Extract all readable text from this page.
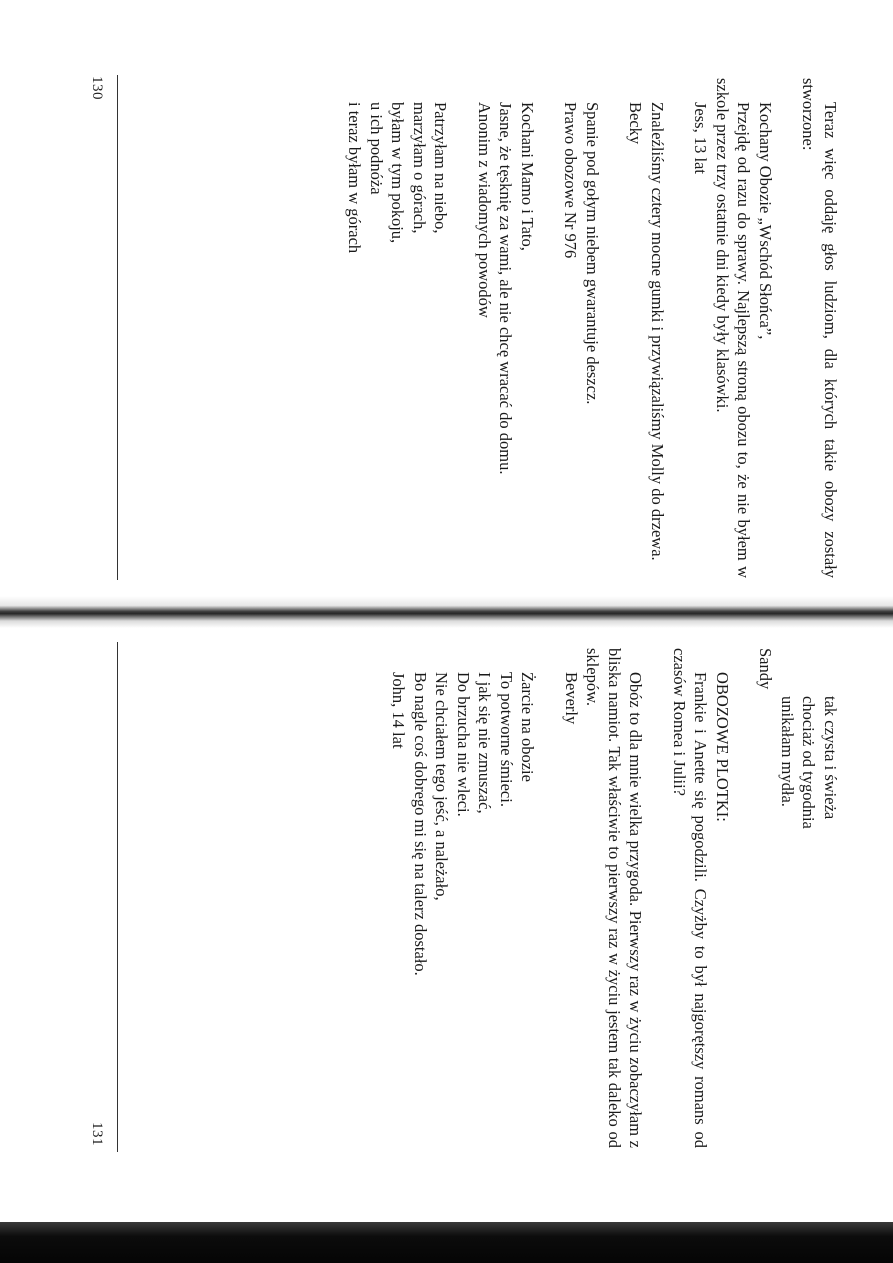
130

Teraz więc oddaję głos ludziom, dla których takie obozy zostały stworzone:

Kochany Obozie „Wschód Słońca”,

Przejdę od razu do sprawy. Najlepszą stroną obozu to, że nie byłem w szkole przez trzy ostatnie dni kiedy były klasówki.

Jess, 13 lat

Znaleźliśmy cztery mocne gumki i przywiązaliśmy Molly do drzewa.

Becky

Spanie pod gołym niebem gwarantuje deszcz.

Prawo obozowe Nr 976

Kochani Mamo i Tato,

Jasne, że tęsknię za wami, ale nie chcę wracać do domu.

Anonim z wiadomych powodów

Patrzyłam na niebo,
marzyłam o górach,
byłam w tym pokoju,
u ich podnóża
i teraz byłam w górach
131
tak czysta i świeża
chociaż od tygodnia
unikałam mydła.

Sandy

OBOZOWE PLOTKI:

Frankie i Anette się pogodzili. Czyżby to był najgorętszy romans od czasów Romea i Julii?

Obóz to dla mnie wielka przygoda. Pierwszy raz w życiu zobaczyłam z bliska namiot. Tak właściwie to pierwszy raz w życiu jestem tak daleko od sklepów.

Beverly

Żarcie na obozie
To potworne śmieci.
I jak się nie zmuszać,
Do brzucha nie wleci.
Nie chciałem tego jeść, a należało,

Bo nagle coś dobrego mi się na talerz dostało.

John, 14 lat
